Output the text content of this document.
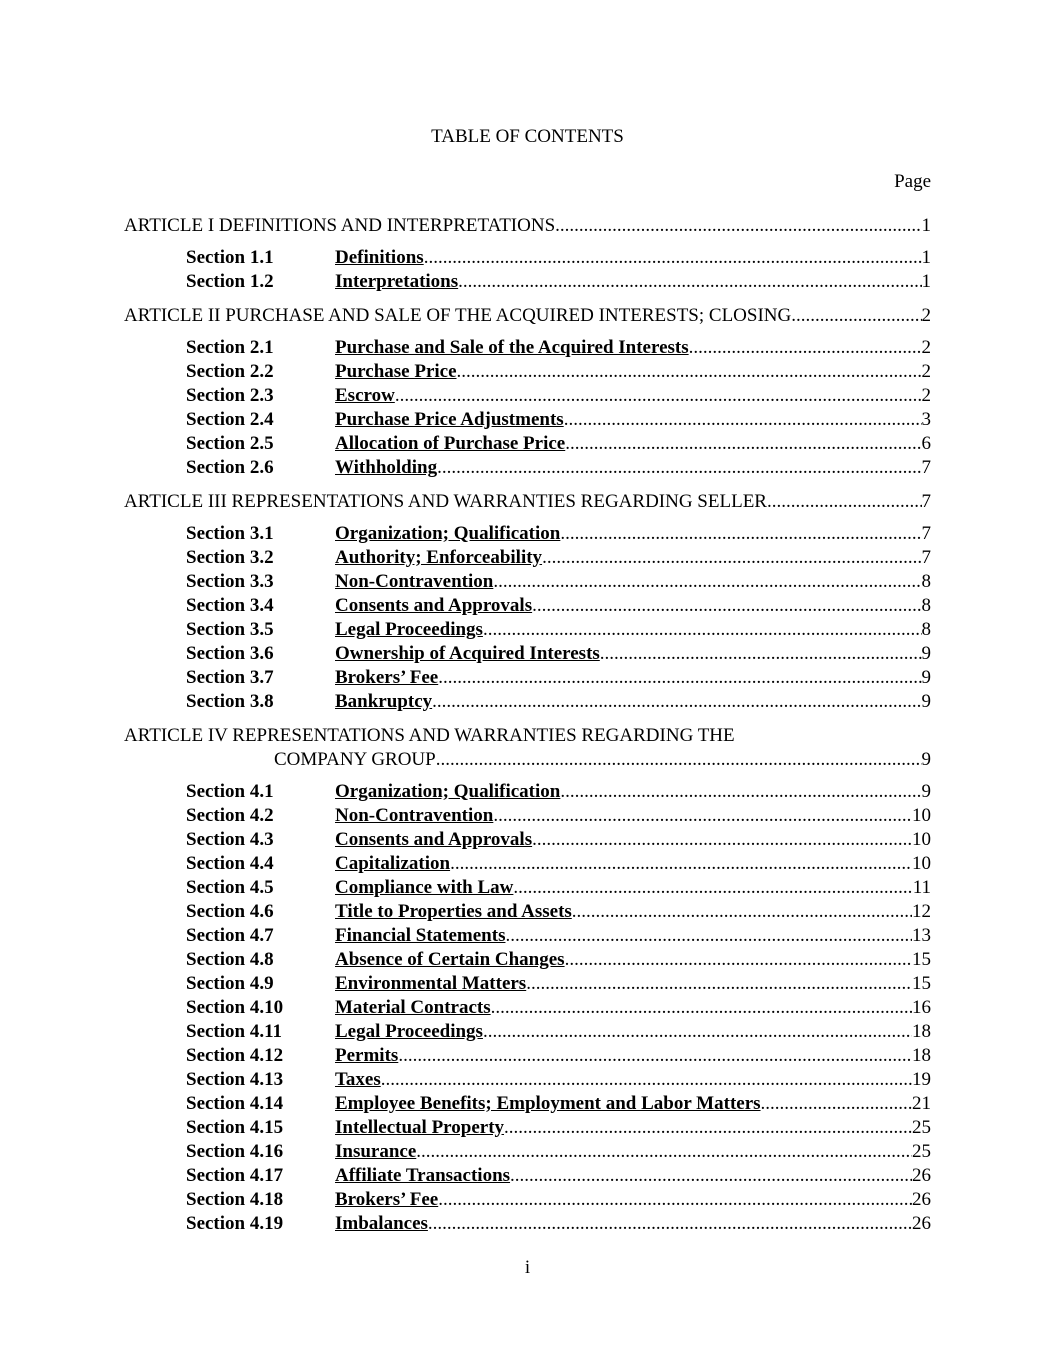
TABLE OF CONTENTS
Page
ARTICLE I DEFINITIONS AND INTERPRETATIONS .....	1
Section 1.1	Definitions .....	1
Section 1.2	Interpretations .....	1
ARTICLE II PURCHASE AND SALE OF THE ACQUIRED INTERESTS; CLOSING .....	2
Section 2.1	Purchase and Sale of the Acquired Interests .....	2
Section 2.2	Purchase Price .....	2
Section 2.3	Escrow .....	2
Section 2.4	Purchase Price Adjustments . .....	3
Section 2.5	Allocation of Purchase Price .....	6
Section 2.6	Withholding .....	7
ARTICLE III REPRESENTATIONS AND WARRANTIES REGARDING SELLER .....	7
Section 3.1	Organization; Qualification .....	7
Section 3.2	Authority; Enforceability . .....	7
Section 3.3	Non-Contravention .....	8
Section 3.4	Consents and Approvals .....	8
Section 3.5	Legal Proceedings .....	8
Section 3.6	Ownership of Acquired Interests .....	9
Section 3.7	Brokers’ Fee .....	9
Section 3.8	Bankruptcy .....	9
ARTICLE IV REPRESENTATIONS AND WARRANTIES REGARDING THE
COMPANY GROUP .....	9
Section 4.1	Organization; Qualification .....	9
Section 4.2	Non-Contravention .....	10
Section 4.3	Consents and Approvals .....	10
Section 4.4	Capitalization . .....	10
Section 4.5	Compliance with Law .....	11
Section 4.6	Title to Properties and Assets .....	12
Section 4.7	Financial Statements . .....	13
Section 4.8	Absence of Certain Changes .....	15
Section 4.9	Environmental Matters .....	15
Section 4.10	Material Contracts . .....	16
Section 4.11	Legal Proceedings .....	18
Section 4.12	Permits .....	18
Section 4.13	Taxes .....	19
Section 4.14	Employee Benefits; Employment and Labor Matters .....	21
Section 4.15	Intellectual Property .....	25
Section 4.16	Insurance .....	25
Section 4.17	Affiliate Transactions .....	26
Section 4.18	Brokers’ Fee .....	26
Section 4.19	Imbalances .....	26
i
